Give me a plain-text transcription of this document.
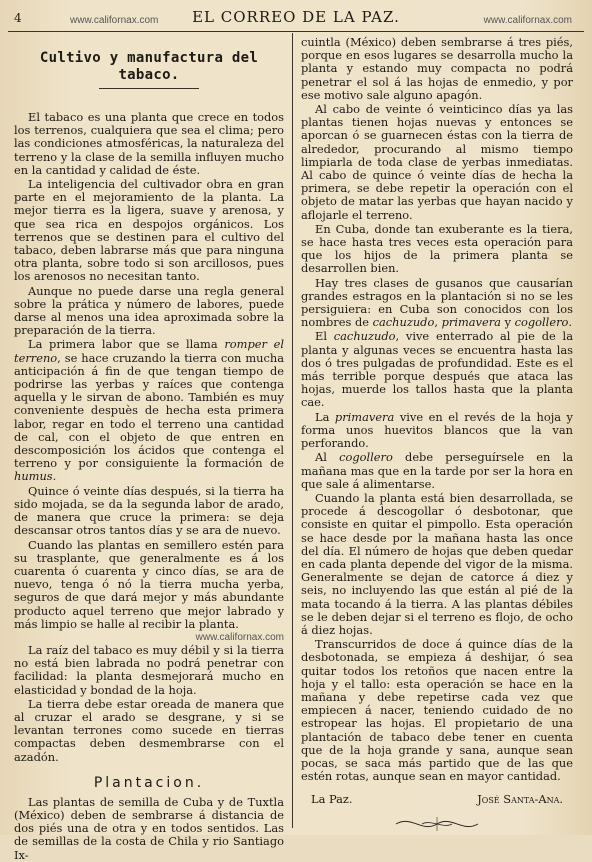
4	www.californax.com	EL CORREO DE LA PAZ.	www.californax.com
Cultivo y manufactura del tabaco.

El tabaco es una planta que crece en todos los terrenos, cualquiera que sea el clima; pero las condiciones atmosféricas, la naturaleza del terreno y la clase de la semilla influyen mucho en la cantidad y calidad de éste.

La inteligencia del cultivador obra en gran parte en el mejoramiento de la planta. La mejor tierra es la ligera, suave y arenosa, y que sea rica en despojos orgánicos. Los terrenos que se destinen para el cultivo del tabaco, deben labrarse más que para ninguna otra planta, sobre todo si son arcillosos, pues los arenosos no necesitan tanto.

Aunque no puede darse una regla general sobre la prática y número de labores, puede darse al menos una idea aproximada sobre la preparación de la tierra.

La primera labor que se llama romper el terreno, se hace cruzando la tierra con mucha anticipación á fin de que tengan tiempo de podrirse las yerbas y raíces que contenga aquella y le sirvan de abono. También es muy conveniente despuès de hecha esta primera labor, regar en todo el terreno una cantidad de cal, con el objeto de que entren en descomposición los ácidos que contenga el terreno y por consiguiente la formación de humus.

Quince ó veinte días después, si la tierra ha sido mojada, se da la segunda labor de arado, de manera que cruce la primera: se deja descansar otros tantos días y se ara de nuevo.

Cuando las plantas en semillero estén para su trasplante, que generalmente es á los cuarenta ó cuarenta y cinco días, se ara de nuevo, tenga ó nó la tierra mucha yerba, seguros de que dará mejor y más abundante producto aquel terreno que mejor labrado y más limpio se halle al recibir la planta.

www.californax.com

La raíz del tabaco es muy débil y si la tierra no está bien labrada no podrá penetrar con facilidad: la planta desmejorará mucho en elasticidad y bondad de la hoja.

La tierra debe estar oreada de manera que al cruzar el arado se desgrane, y si se levantan terrones como sucede en tierras compactas deben desmembrarse con el azadón.

Plantacion.

Las plantas de semilla de Cuba y de Tuxtla (México) deben de sembrarse á distancia de dos piés una de otra y en todos sentidos. Las de semillas de la costa de Chila y rio Santiago Ix-

cuintla (México) deben sembrarse á tres piés, porque en esos lugares se desarrolla mucho la planta y estando muy compacta no podrá penetrar el sol á las hojas de enmedio, y por ese motivo sale alguno apagón.

Al cabo de veinte ó veinticinco días ya las plantas tienen hojas nuevas y entonces se aporcan ó se guarnecen éstas con la tierra de alrededor, procurando al mismo tiempo limpiarla de toda clase de yerbas inmediatas. Al cabo de quince ó veinte días de hecha la primera, se debe repetir la operación con el objeto de matar las yerbas que hayan nacido y aflojarle el terreno.

En Cuba, donde tan exuberante es la tiera, se hace hasta tres veces esta operación para que los hijos de la primera planta se desarrollen bien.

Hay tres clases de gusanos que causarían grandes estragos en la plantación si no se les persiguiera: en Cuba son conocidos con los nombres de cachuzudo, primavera y cogollero.

El cachuzudo, vive enterrado al pie de la planta y algunas veces se encuentra hasta las dos ó tres pulgadas de profundidad. Este es el más terrible porque después que ataca las hojas, muerde los tallos hasta que la planta cae.

La primavera vive en el revés de la hoja y forma unos huevitos blancos que la van perforando.

Al cogollero debe perseguírsele en la mañana mas que en la tarde por ser la hora en que sale á alimentarse.

Cuando la planta está bien desarrollada, se procede á descogollar ó desbotonar, que consiste en quitar el pimpollo. Esta operación se hace desde por la mañana hasta las once del día. El número de hojas que deben quedar en cada planta depende del vigor de la misma. Generalmente se dejan de catorce á diez y seis, no incluyendo las que están al pié de la mata tocando á la tierra. A las plantas débiles se le deben dejar si el terreno es flojo, de ocho á diez hojas.

Transcurridos de doce á quince días de la desbotonada, se empieza á deshijar, ó sea quitar todos los retoños que nacen entre la hoja y el tallo: esta operación se hace en la mañana y debe repetirse cada vez que empiecen á nacer, teniendo cuidado de no estropear las hojas. El propietario de una plantación de tabaco debe tener en cuenta que de la hoja grande y sana, aunque sean pocas, se saca más partido que de las que estén rotas, aunque sean en mayor cantidad.

La Paz.	José Santa-Ana.
